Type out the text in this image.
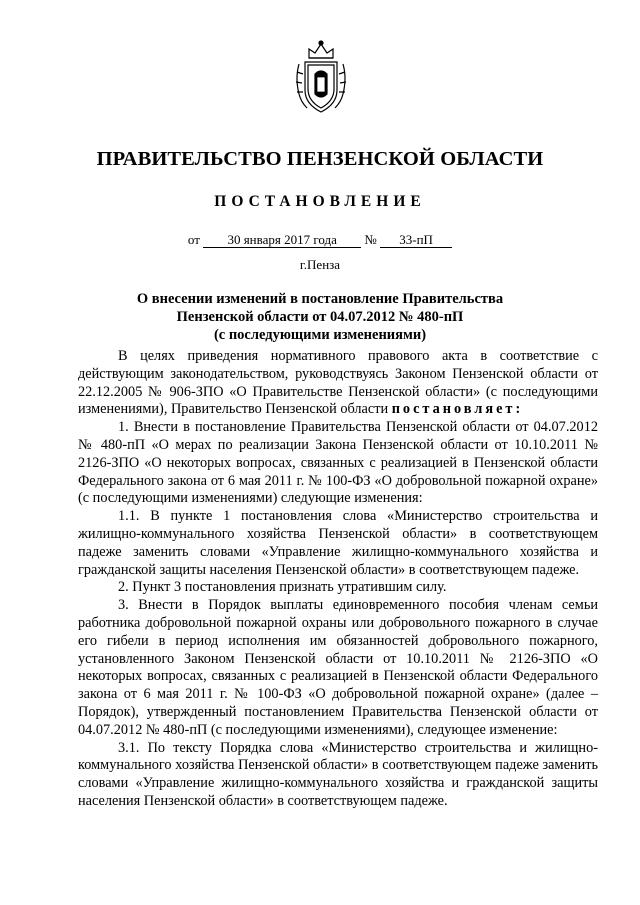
ПРАВИТЕЛЬСТВО ПЕНЗЕНСКОЙ ОБЛАСТИ
ПОСТАНОВЛЕНИЕ
от 30 января 2017 года № 33-пП
г.Пенза
О внесении изменений в постановление Правительства
Пензенской области от 04.07.2012 № 480-пП
(с последующими изменениями)

В целях приведения нормативного правового акта в соответствие с действующим законодательством, руководствуясь Законом Пензенской области от 22.12.2005 № 906-ЗПО «О Правительстве Пензенской области» (с последующими изменениями), Правительство Пензенской области постановляет:

1. Внести в постановление Правительства Пензенской области от 04.07.2012 № 480-пП «О мерах по реализации Закона Пензенской области от 10.10.2011 № 2126-ЗПО «О некоторых вопросах, связанных с реализацией в Пензенской области Федерального закона от 6 мая 2011 г. № 100-ФЗ «О добровольной пожарной охране» (с последующими изменениями) следующие изменения:

1.1. В пункте 1 постановления слова «Министерство строительства и жилищно-коммунального хозяйства Пензенской области» в соответствующем падеже заменить словами «Управление жилищно-коммунального хозяйства и гражданской защиты населения Пензенской области» в соответствующем падеже.

2. Пункт 3 постановления признать утратившим силу.

3. Внести в Порядок выплаты единовременного пособия членам семьи работника добровольной пожарной охраны или добровольного пожарного в случае его гибели в период исполнения им обязанностей добровольного пожарного, установленного Законом Пензенской области от 10.10.2011 № 2126-ЗПО «О некоторых вопросах, связанных с реализацией в Пензенской области Федерального закона от 6 мая 2011 г. № 100-ФЗ «О добровольной пожарной охране» (далее – Порядок), утвержденный постановлением Правительства Пензенской области от 04.07.2012 № 480-пП (с последующими изменениями), следующее изменение:

3.1. По тексту Порядка слова «Министерство строительства и жилищно-коммунального хозяйства Пензенской области» в соответствующем падеже заменить словами «Управление жилищно-коммунального хозяйства и гражданской защиты населения Пензенской области» в соответствующем падеже.
